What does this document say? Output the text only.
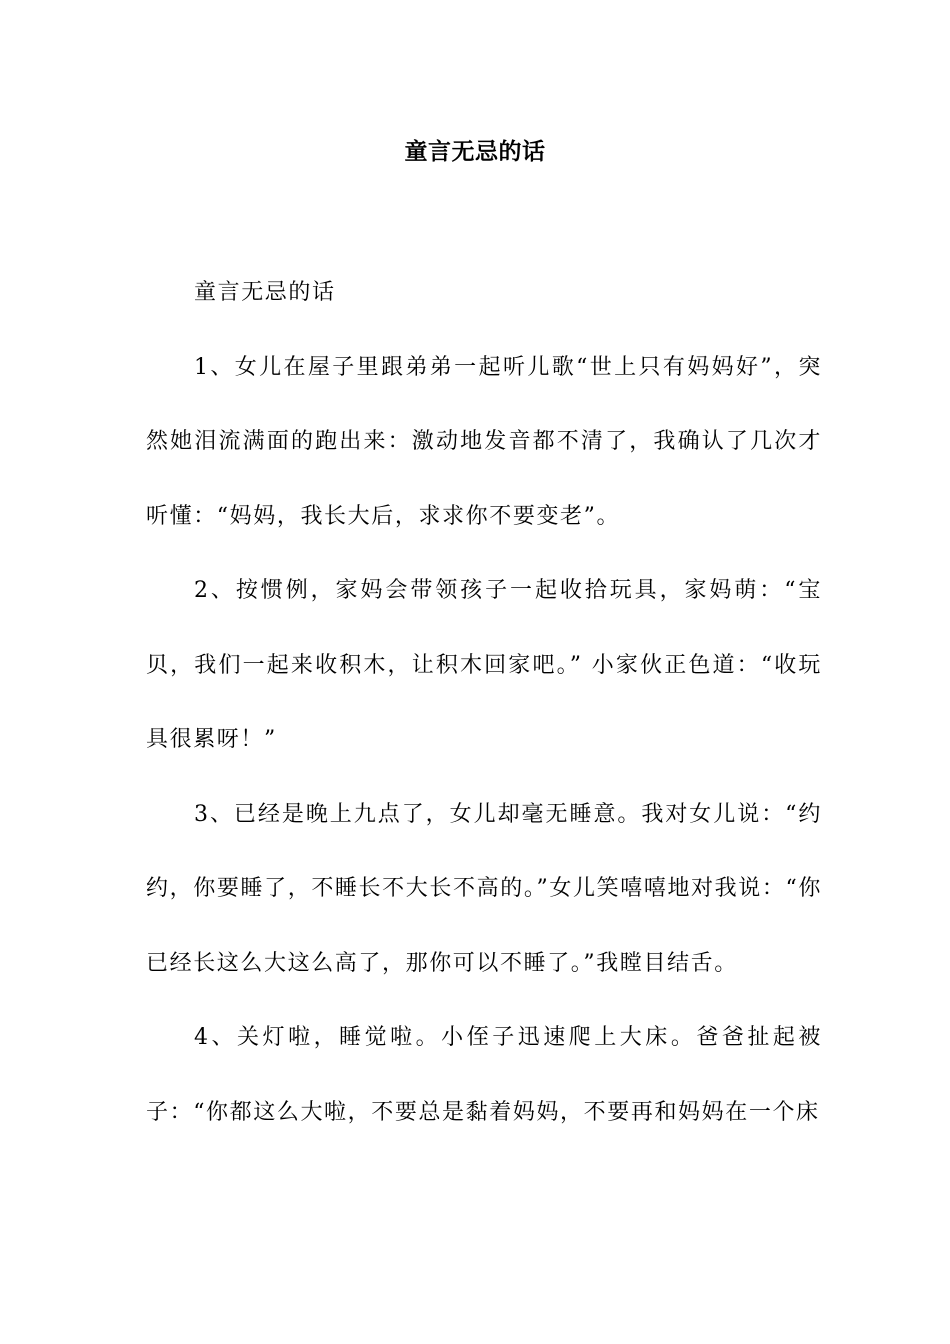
童言无忌的话

童言无忌的话

1、女儿在屋子里跟弟弟一起听儿歌“世上只有妈妈好”，突然她泪流满面的跑出来：激动地发音都不清了，我确认了几次才听懂：“妈妈，我长大后，求求你不要变老”。

2、按惯例，家妈会带领孩子一起收拾玩具，家妈萌：“宝贝，我们一起来收积木，让积木回家吧。” 小家伙正色道：“收玩具很累呀！”

3、已经是晚上九点了，女儿却毫无睡意。我对女儿说：“约约，你要睡了，不睡长不大长不高的。”女儿笑嘻嘻地对我说：“你已经长这么大这么高了，那你可以不睡了。”我瞠目结舌。

4、关灯啦，睡觉啦。小侄子迅速爬上大床。爸爸扯起被子：“你都这么大啦，不要总是黏着妈妈，不要再和妈妈在一个床
